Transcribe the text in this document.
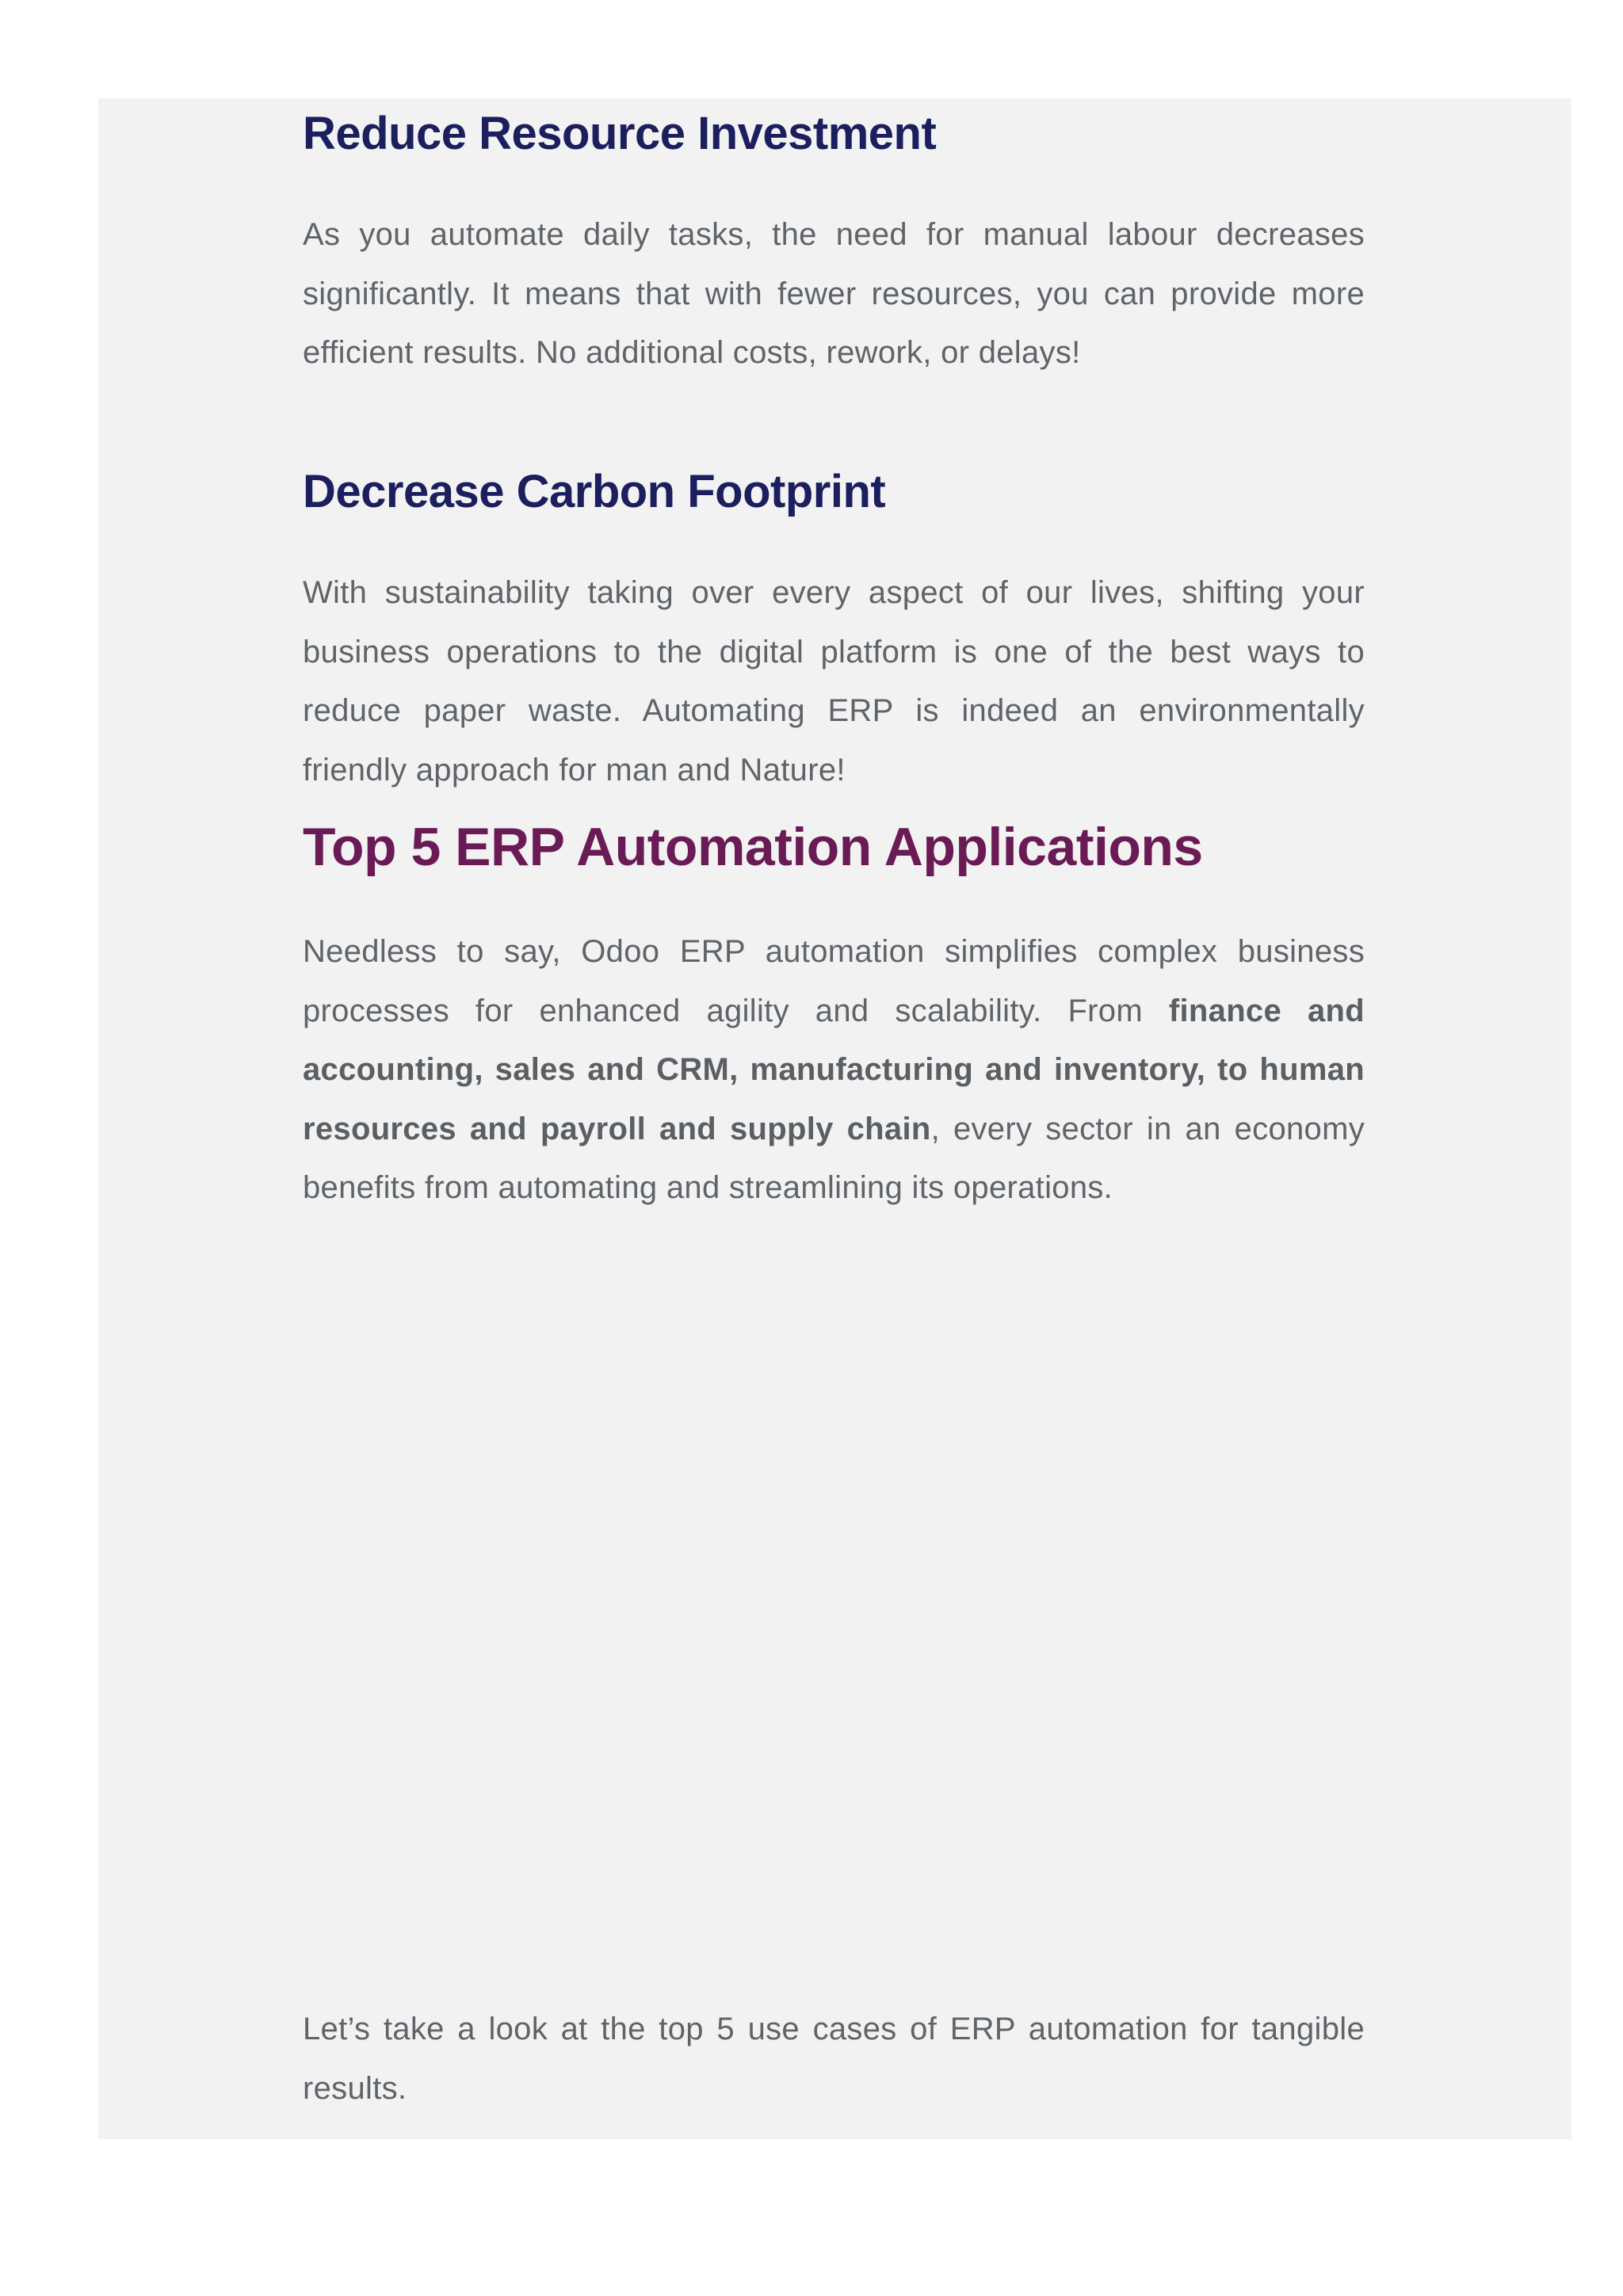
Reduce Resource Investment

As you automate daily tasks, the need for manual labour decreases significantly. It means that with fewer resources, you can provide more efficient results. No additional costs, rework, or delays!

Decrease Carbon Footprint

With sustainability taking over every aspect of our lives, shifting your business operations to the digital platform is one of the best ways to reduce paper waste. Automating ERP is indeed an environmentally friendly approach for man and Nature!

Top 5 ERP Automation Applications

Needless to say, Odoo ERP automation simplifies complex business processes for enhanced agility and scalability. From finance and accounting, sales and CRM, manufacturing and inventory, to human resources and payroll and supply chain, every sector in an economy benefits from automating and streamlining its operations.

Let’s take a look at the top 5 use cases of ERP automation for tangible results.
